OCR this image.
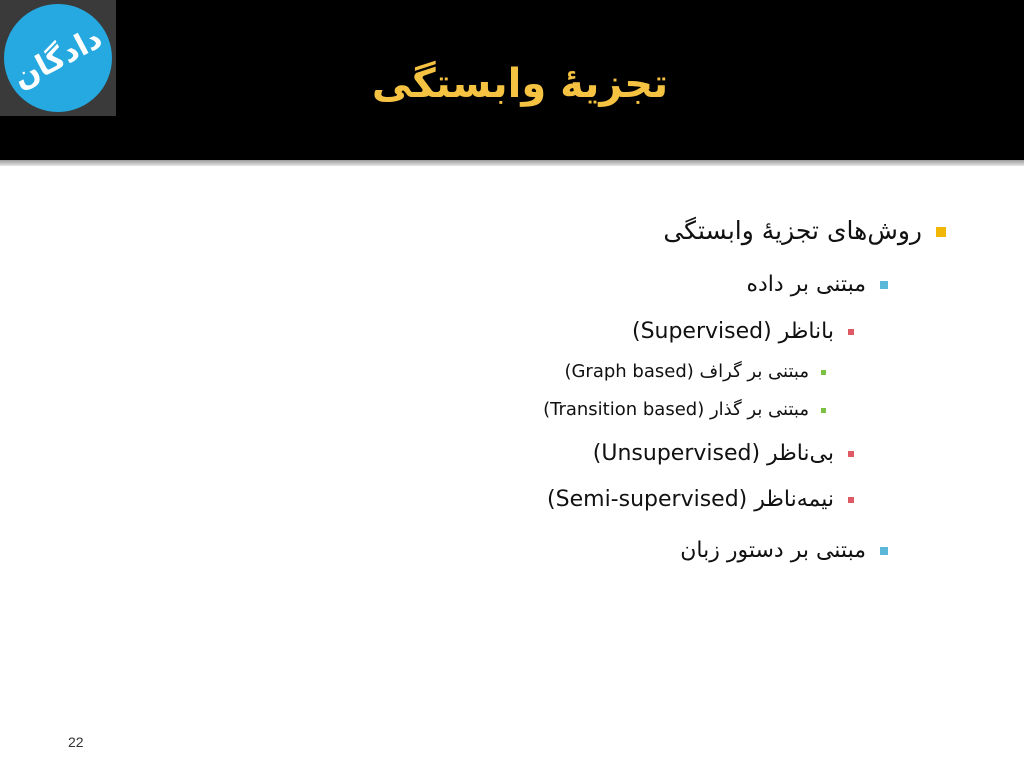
دادگان	تجزیۀ وابستگی
روش‌های تجزیۀ وابستگی
مبتنی بر داده
باناظر (Supervised)
مبتنی بر گراف (Graph based)
مبتنی بر گذار (Transition based)
بی‌ناظر (Unsupervised)
نیمه‌ناظر (Semi-supervised)
مبتنی بر دستور زبان
22
